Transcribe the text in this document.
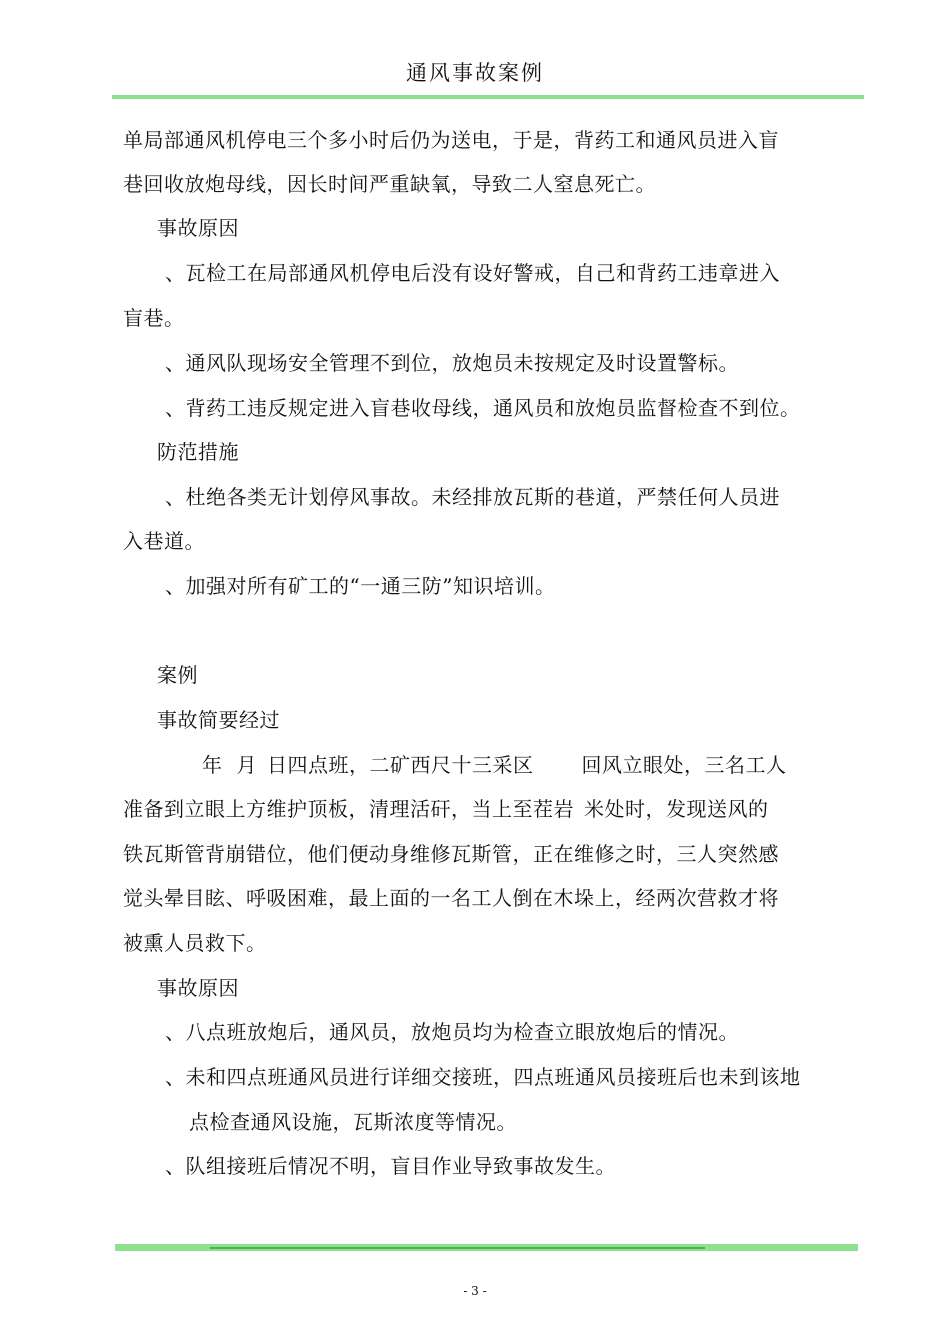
通风事故案例
单局部通风机停电三个多小时后仍为送电，于是，背药工和通风员进入盲
巷回收放炮母线，因长时间严重缺氧，导致二人窒息死亡。
事故原因
、瓦检工在局部通风机停电后没有设好警戒，自己和背药工违章进入
盲巷。
、通风队现场安全管理不到位，放炮员未按规定及时设置警标。
、背药工违反规定进入盲巷收母线，通风员和放炮员监督检查不到位。
防范措施
、杜绝各类无计划停风事故。未经排放瓦斯的巷道，严禁任何人员进
入巷道。
、加强对所有矿工的“一通三防”知识培训。
案例
事故简要经过
年 月 日四点班，二矿西尺十三采区 回风立眼处，三名工人
准备到立眼上方维护顶板，清理活矸，当上至茬岩 米处时，发现送风的
铁瓦斯管背崩错位，他们便动身维修瓦斯管，正在维修之时，三人突然感
觉头晕目眩、呼吸困难，最上面的一名工人倒在木垛上，经两次营救才将
被熏人员救下。
事故原因
、八点班放炮后，通风员，放炮员均为检查立眼放炮后的情况。
、未和四点班通风员进行详细交接班，四点班通风员接班后也未到该地
点检查通风设施，瓦斯浓度等情况。
、队组接班后情况不明，盲目作业导致事故发生。
- 3 -
